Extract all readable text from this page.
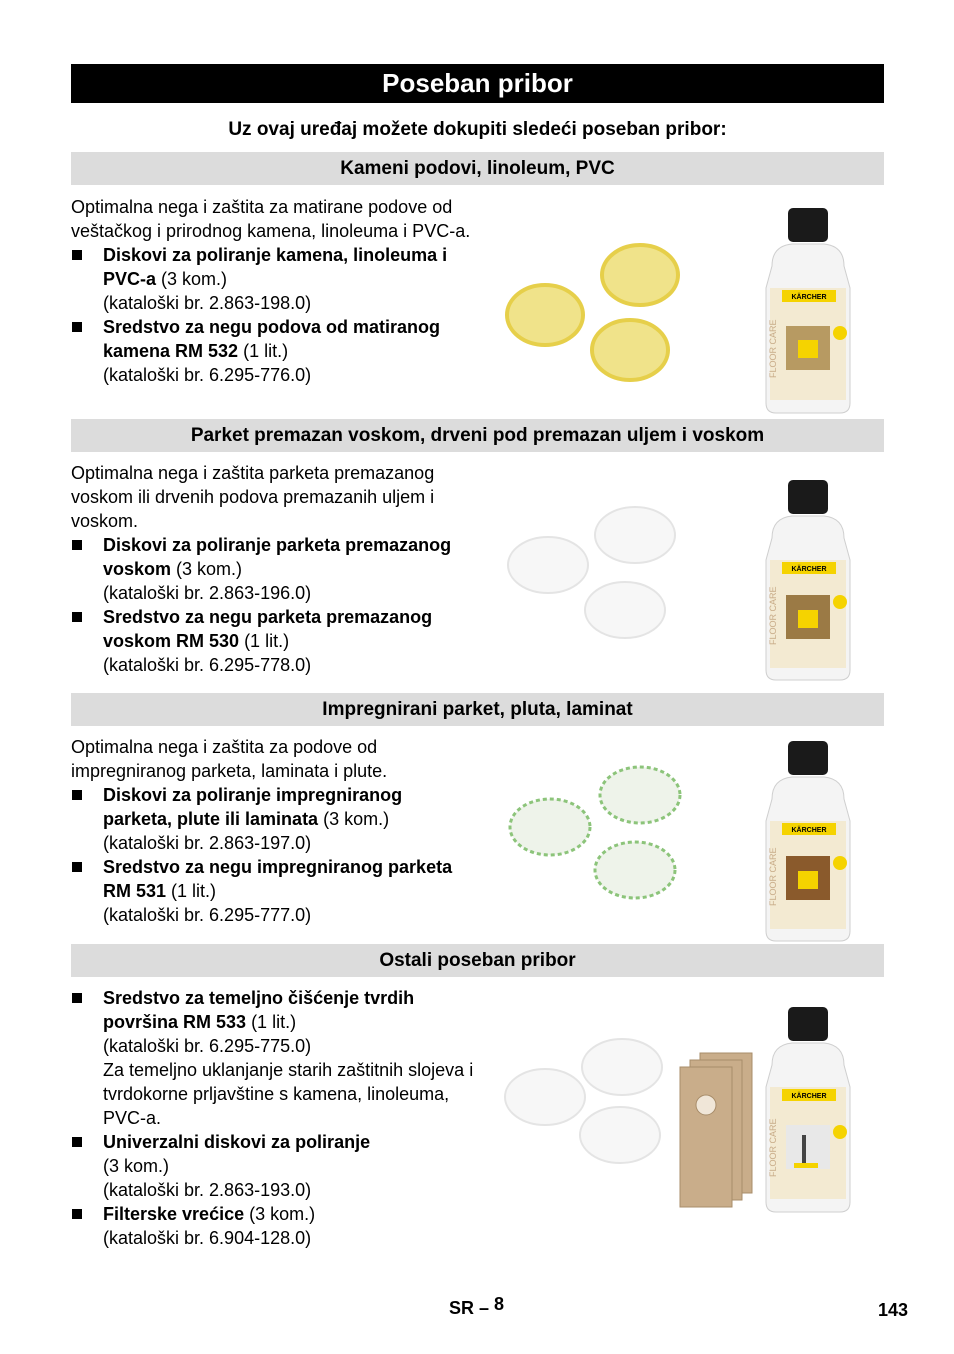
Poseban pribor
Uz ovaj uređaj možete dokupiti sledeći poseban pribor:
Kameni podovi, linoleum, PVC

Optimalna nega i zaštita za matirane podove od veštačkog i prirodnog kamena, linoleuma i PVC-a.

Diskovi za poliranje kamena, linoleuma i PVC-a (3 kom.)
(kataloški br. 2.863-198.0)

Sredstvo za negu podova od matiranog kamena RM 532 (1 lit.)
(kataloški br. 6.295-776.0)

KÄRCHER
FLOOR CARE
Parket premazan voskom, drveni pod premazan uljem i voskom

Optimalna nega i zaštita parketa premazanog voskom ili drvenih podova premazanih uljem i voskom.

Diskovi za poliranje parketa premazanog voskom (3 kom.)
(kataloški br. 2.863-196.0)

Sredstvo za negu parketa premazanog voskom RM 530 (1 lit.)
(kataloški br. 6.295-778.0)

KÄRCHER
FLOOR CARE
Impregnirani parket, pluta, laminat

Optimalna nega i zaštita za podove od impregniranog parketa, laminata i plute.

Diskovi za poliranje impregniranog parketa, plute ili laminata (3 kom.)
(kataloški br. 2.863-197.0)

Sredstvo za negu impregniranog parketa RM 531 (1 lit.)
(kataloški br. 6.295-777.0)

KÄRCHER
FLOOR CARE
Ostali poseban pribor

Sredstvo za temeljno čišćenje tvrdih površina RM 533 (1 lit.)
(kataloški br. 6.295-775.0)
Za temeljno uklanjanje starih zaštitnih slojeva i tvrdokorne prljavštine s kamena, linoleuma, PVC-a.

Univerzalni diskovi za poliranje
(3 kom.)
(kataloški br. 2.863-193.0)

Filterske vrećice (3 kom.)
(kataloški br. 6.904-128.0)

KÄRCHER
FLOOR CARE
SR – 8	143
